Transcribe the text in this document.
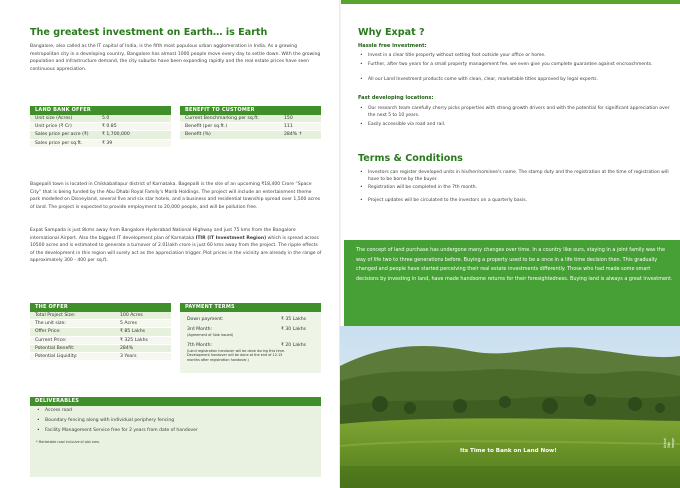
The greatest investment on Earth… is Earth
Bangalore, also called as the IT capital of India, is the fifth most populous urban agglomeration in India. As a growing metropolitan city in a developing country, Bangalore has almost 1000 people move every day to settle down. With the growing population and infrastructure demand, the city suburbs have been expanding rapidly and the real estate prices have seen continuous appreciation.
LAND BANK OFFER
Unit size (Acres)	5.0
Unit price (₹ Cr)	₹ 0.85
Sales price per acre (₹)	₹ 1,700,000
Sales price per sq.ft.	₹ 39
BENEFIT TO CUSTOMER
Current Benchmarking per sq.ft.	150
Benefit (per sq.ft.)	111
Benefit (%)	284% ↑
Bagepalli town is located in Chikkaballapur district of Karnataka. Bagepalli is the site of an upcoming ₹18,400 Crore “Space City” that is being funded by the Abu Dhabi Royal Family's Marib Holdings. The project will include an entertainment theme park modelled on Disneyland, several five and six star hotels, and a business and residential township spread over 1,500 acres of land. The project is expected to provide employment to 20,000 people, and will be pollution free.
Expat Sampada is just 8kms away from Bangalore Hyderabad National Highway and just 75 kms from the Bangalore international Airport. Also the biggest IT development plan of Karnataka ITIR (IT Investment Region) which is spread across 10500 acres and is estimated to generate a turnover of 2.01lakh crore is just 60 kms away from the project. The ripple effects of the development in this region will surely act as the appreciation trigger. Plot prices in the vicinity are already in the range of approximately 300 - 400 per sq.ft.
THE OFFER
Total Project Size:	100 Acres
The unit size:	5 Acres
Offer Price:	₹ 85 Lakhs
Current Price:	₹ 325 Lakhs
Potential Benefit:	284%
Potential Liquidity:	3 Years
PAYMENT TERMS
Down payment:	₹ 35 Lakhs
3rd Month:	₹ 30 Lakhs
(Agreement of Sale issued)
7th Month:	₹ 20 Lakhs
(Land registration handover will be done during this time. Development handover will be done at the end of 12-15 months after registration handover.)
DELIVERABLES
• Access road
• Boundary fencing along with individual periphery fencing
• Facility Management Service free for 2 years from date of handover
* Marketable road inclusive of plot area.
Why Expat ?
Hassle free investment:
• Invest in a clear title property without setting foot outside your office or home.
• Further, after two years for a small property management fee, we even give you complete guarantee against encroachments.
• All our Land Investment products come with clean, clear, marketable titles approved by legal experts.
Fast developing locations:
• Our research team carefully cherry picks properties with strong growth drivers and with the potential for significant appreciation over the next 5 to 10 years.
• Easily accessible via road and rail.
Terms & Conditions
• Investors can register developed units in his/her/nominee's name. The stamp duty and the registration at the time of registration will have to be borne by the buyer.
• Registration will be completed in the 7th month.
• Project updates will be circulated to the investors on a quarterly basis.
The concept of land purchase has undergone many changes over time. In a country like ours, staying in a joint family was the way of life two to three generations before. Buying a property used to be a once in a life time decision then. This gradually changed and people have started perceiving their real estate investments differently. Those who had made some smart decisions by investing in land, have made handsome returns for their foresightedness. Buying land is always a great investment.
Its Time to Bank on Land Now!
Actual Site Image
